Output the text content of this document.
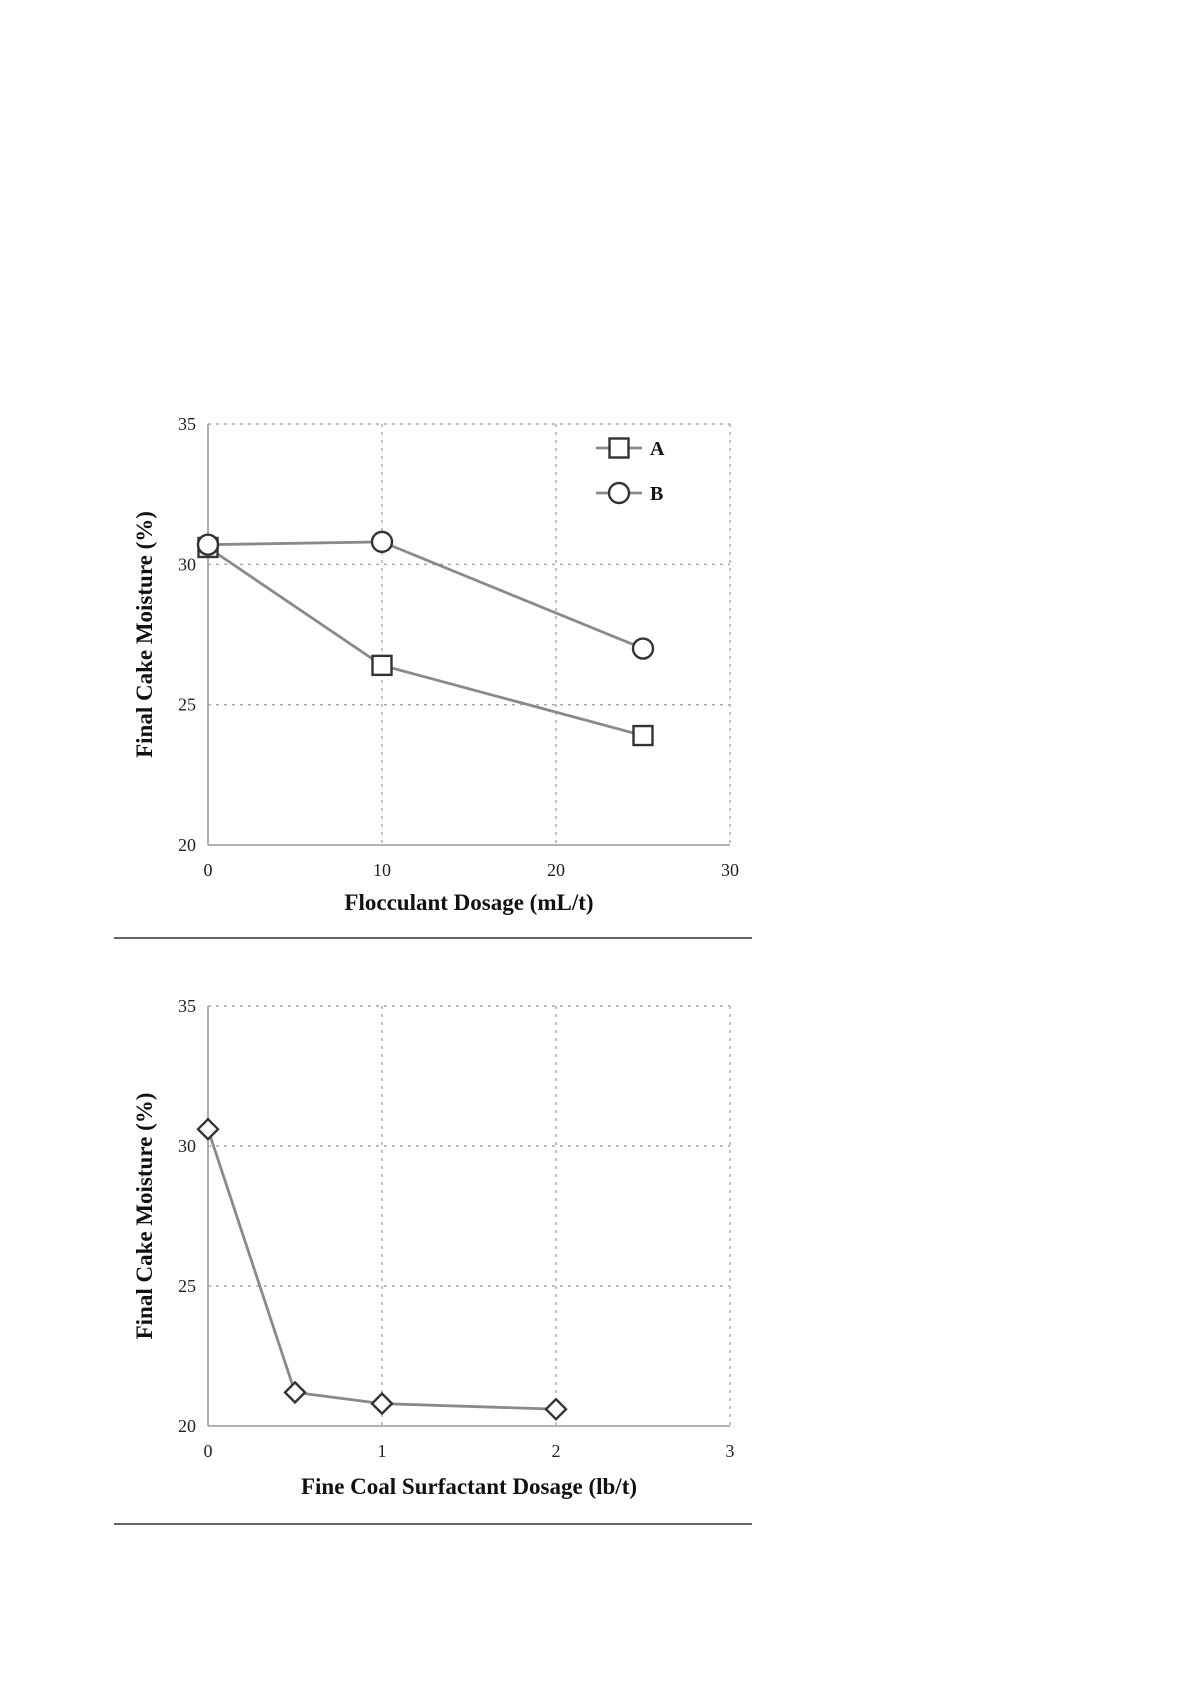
0	10	20	30
20
25
30
35
Flocculant Dosage (mL/t)
Final Cake Moisture (%)
A
B
0	1	2	3
20
25
30
35
Fine Coal Surfactant Dosage (lb/t)
Final Cake Moisture (%)
